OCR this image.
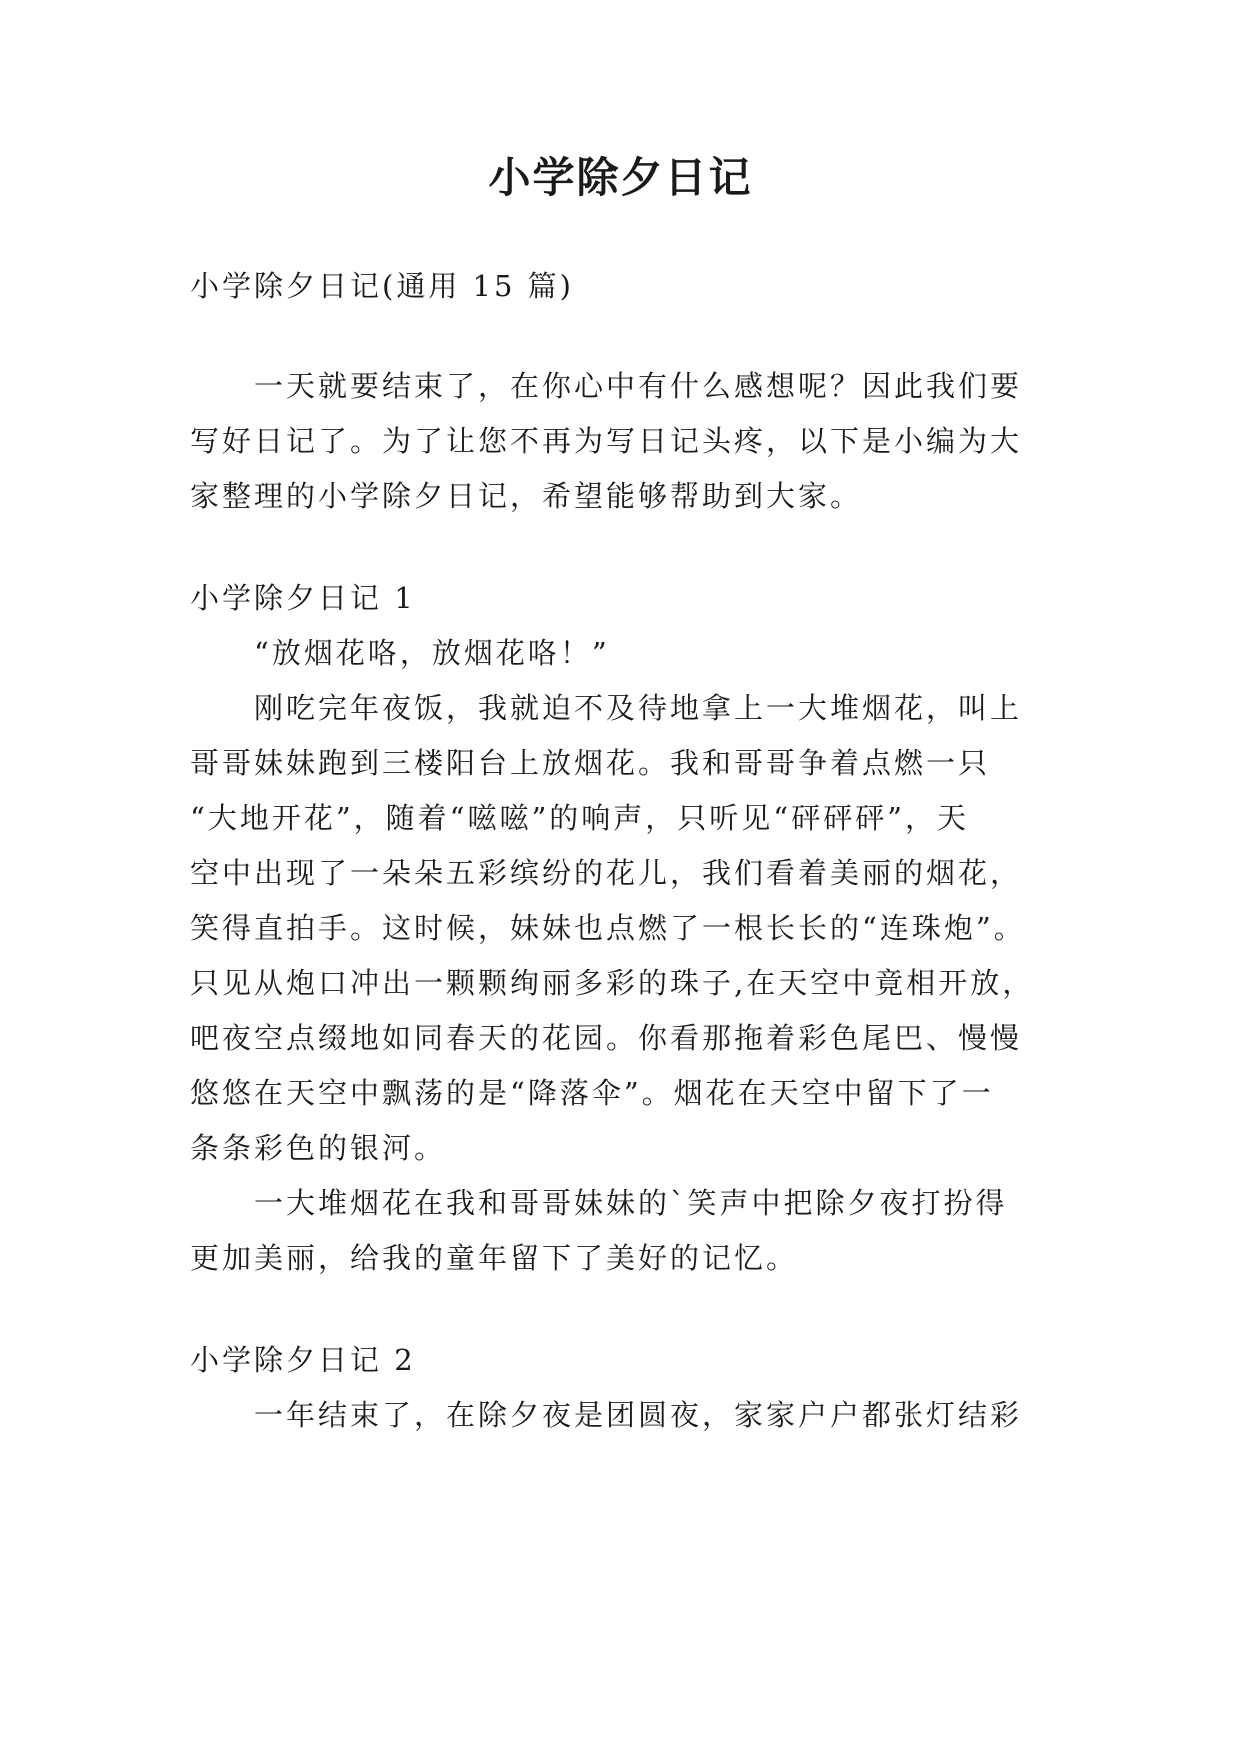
小学除夕日记

小学除夕日记(通用 15 篇)

一天就要结束了，在你心中有什么感想呢？因此我们要

写好日记了。为了让您不再为写日记头疼，以下是小编为大

家整理的小学除夕日记，希望能够帮助到大家。

小学除夕日记 1

“放烟花咯，放烟花咯！”

刚吃完年夜饭，我就迫不及待地拿上一大堆烟花，叫上

哥哥妹妹跑到三楼阳台上放烟花。我和哥哥争着点燃一只

“大地开花”，随着“嗞嗞”的响声，只听见“砰砰砰”，天

空中出现了一朵朵五彩缤纷的花儿，我们看着美丽的烟花，

笑得直拍手。这时候，妹妹也点燃了一根长长的“连珠炮”。

只见从炮口冲出一颗颗绚丽多彩的珠子,在天空中竟相开放，

吧夜空点缀地如同春天的花园。你看那拖着彩色尾巴、慢慢

悠悠在天空中飘荡的是“降落伞”。烟花在天空中留下了一

条条彩色的银河。

一大堆烟花在我和哥哥妹妹的`笑声中把除夕夜打扮得

更加美丽，给我的童年留下了美好的记忆。

小学除夕日记 2

一年结束了，在除夕夜是团圆夜，家家户户都张灯结彩
